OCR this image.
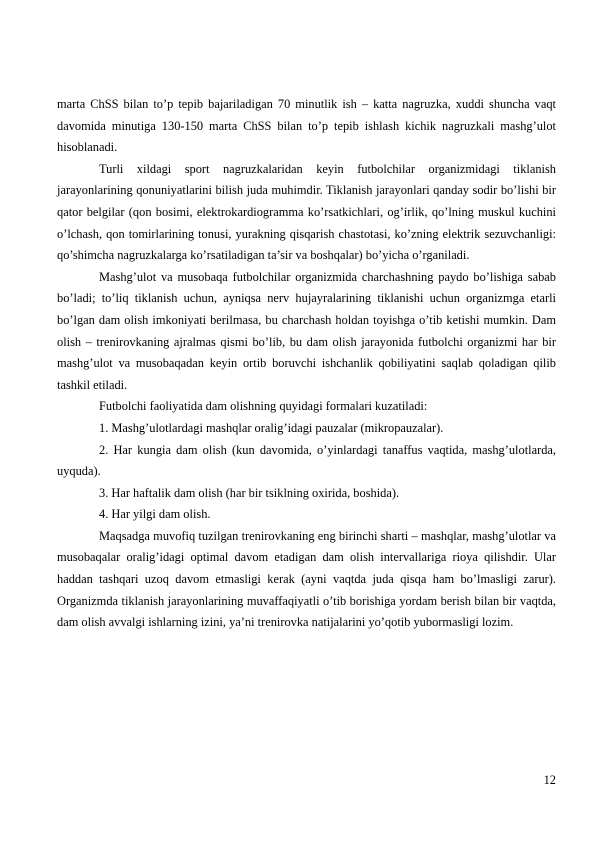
marta ChSS bilan to’p tepib bajariladigan 70 minutlik ish – katta nagruzka, xuddi shuncha vaqt davomida minutiga 130-150 marta ChSS bilan to’p tepib ishlash kichik nagruzkali mashg’ulot hisoblanadi.

Turli xildagi sport nagruzkalaridan keyin futbolchilar organizmidagi tiklanish jarayonlarining qonuniyatlarini bilish juda muhimdir. Tiklanish jarayonlari qanday sodir bo’lishi bir qator belgilar (qon bosimi, elektrokardiogramma ko’rsatkichlari, og’irlik, qo’lning muskul kuchini o’lchash, qon tomirlarining tonusi, yurakning qisqarish chastotasi, ko’zning elektrik sezuvchanligi: qo’shimcha nagruzkalarga ko’rsatiladigan ta’sir va boshqalar) bo’yicha o’rganiladi.

Mashg’ulot va musobaqa futbolchilar organizmida charchashning paydo bo’lishiga sabab bo’ladi; to’liq tiklanish uchun, ayniqsa nerv hujayralarining tiklanishi uchun organizmga etarli bo’lgan dam olish imkoniyati berilmasa, bu charchash holdan toyishga o’tib ketishi mumkin. Dam olish – trenirovkaning ajralmas qismi bo’lib, bu dam olish jarayonida futbolchi organizmi har bir mashg’ulot va musobaqadan keyin ortib boruvchi ishchanlik qobiliyatini saqlab qoladigan qilib tashkil etiladi.

Futbolchi faoliyatida dam olishning quyidagi formalari kuzatiladi:

1. Mashg’ulotlardagi mashqlar oralig’idagi pauzalar (mikropauzalar).

2. Har kungia dam olish (kun davomida, o’yinlardagi tanaffus vaqtida, mashg’ulotlarda, uyquda).

3. Har haftalik dam olish (har bir tsiklning oxirida, boshida).

4. Har yilgi dam olish.

Maqsadga muvofiq tuzilgan trenirovkaning eng birinchi sharti – mashqlar, mashg’ulotlar va musobaqalar oralig’idagi optimal davom etadigan dam olish intervallariga rioya qilishdir. Ular haddan tashqari uzoq davom etmasligi kerak (ayni vaqtda juda qisqa ham bo’lmasligi zarur). Organizmda tiklanish jarayonlarining muvaffaqiyatli o’tib borishiga yordam berish bilan bir vaqtda, dam olish avvalgi ishlarning izini, ya’ni trenirovka natijalarini yo’qotib yubormasligi lozim.

12
